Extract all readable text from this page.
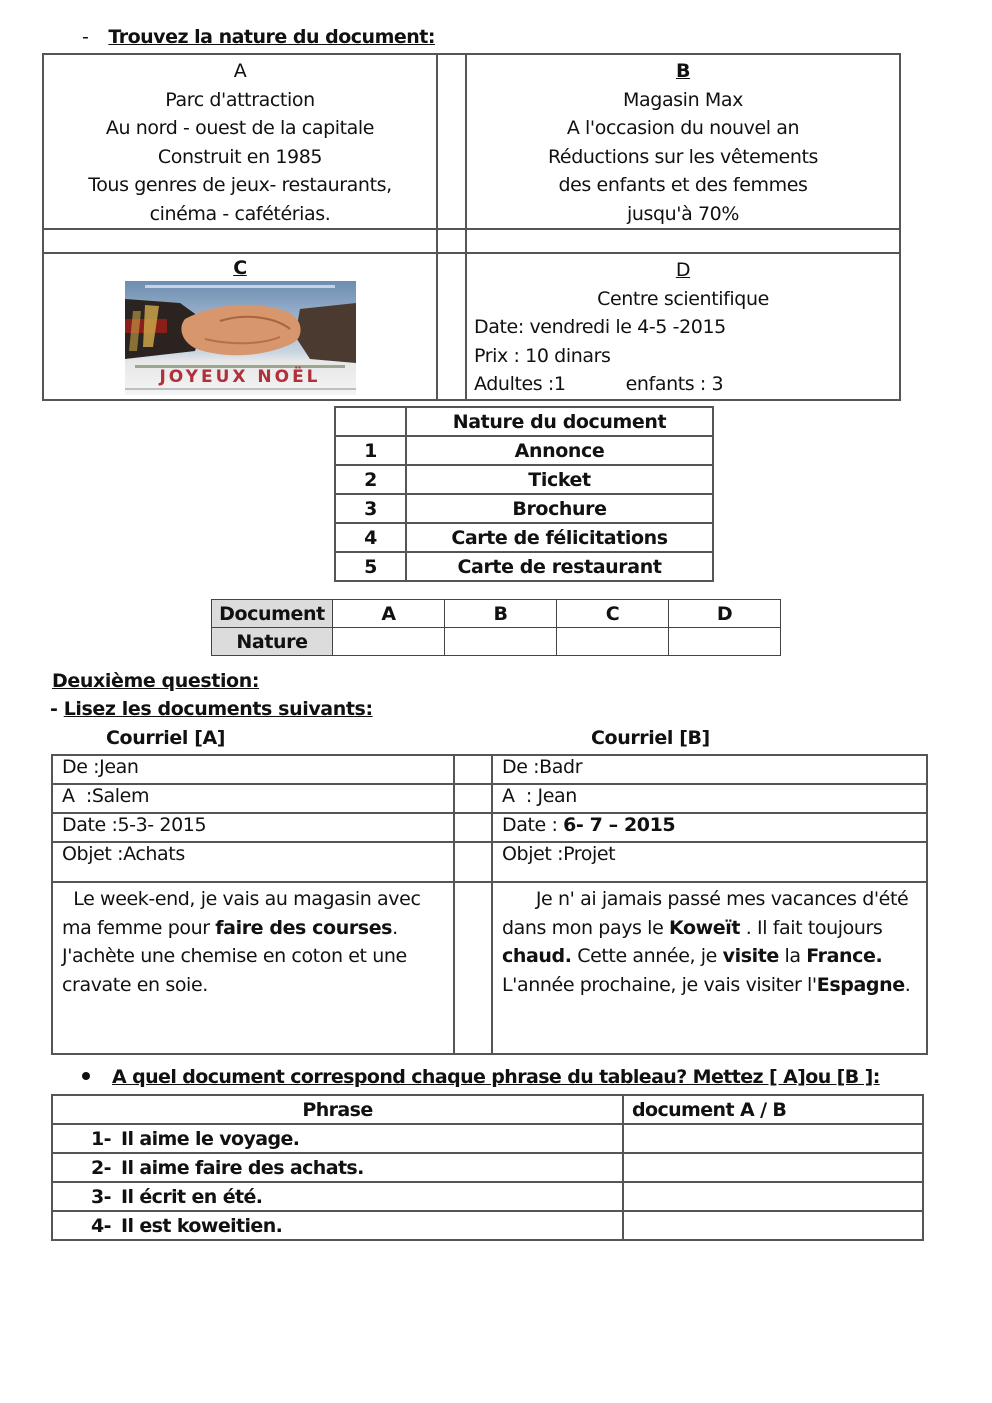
- Trouvez la nature du document:
A
Parc d'attraction
Au nord - ouest de la capitale
Construit en 1985
Tous genres de jeux- restaurants,
cinéma - cafétérias.

B
Magasin Max
A l'occasion du nouvel an
Réductions sur les vêtements
des enfants et des femmes
jusqu'à 70%

C
JOYEUX NOËL

D
Centre scientifique
Date: vendredi le 4-5 -2015
Prix : 10 dinars
Adultes :1	enfants : 3
	Nature du document
1	Annonce
2	Ticket
3	Brochure
4	Carte de félicitations
5	Carte de restaurant
Document	A	B	C	D
Nature				
Deuxième question:
- Lisez les documents suivants:
Courriel [A]	Courriel [B]
De :Jean		De :Badr
A  :Salem		A  : Jean
Date :5-3- 2015		Date : 6- 7 – 2015
Objet :Achats		Objet :Projet
Le week-end, je vais au magasin avec ma femme pour faire des courses. J'achète une chemise en coton et une cravate en soie.		Je n' ai jamais passé mes vacances d'été   dans mon pays le Koweït . Il fait toujours chaud. Cette année, je visite la France. L'année prochaine, je vais visiter l'Espagne.
A quel document correspond chaque phrase du tableau? Mettez [ A]ou [B ]:
Phrase	document A / B
1- Il aime le voyage.	
2- Il aime faire des achats.	
3- Il écrit en été.	
4- Il est koweitien.	
